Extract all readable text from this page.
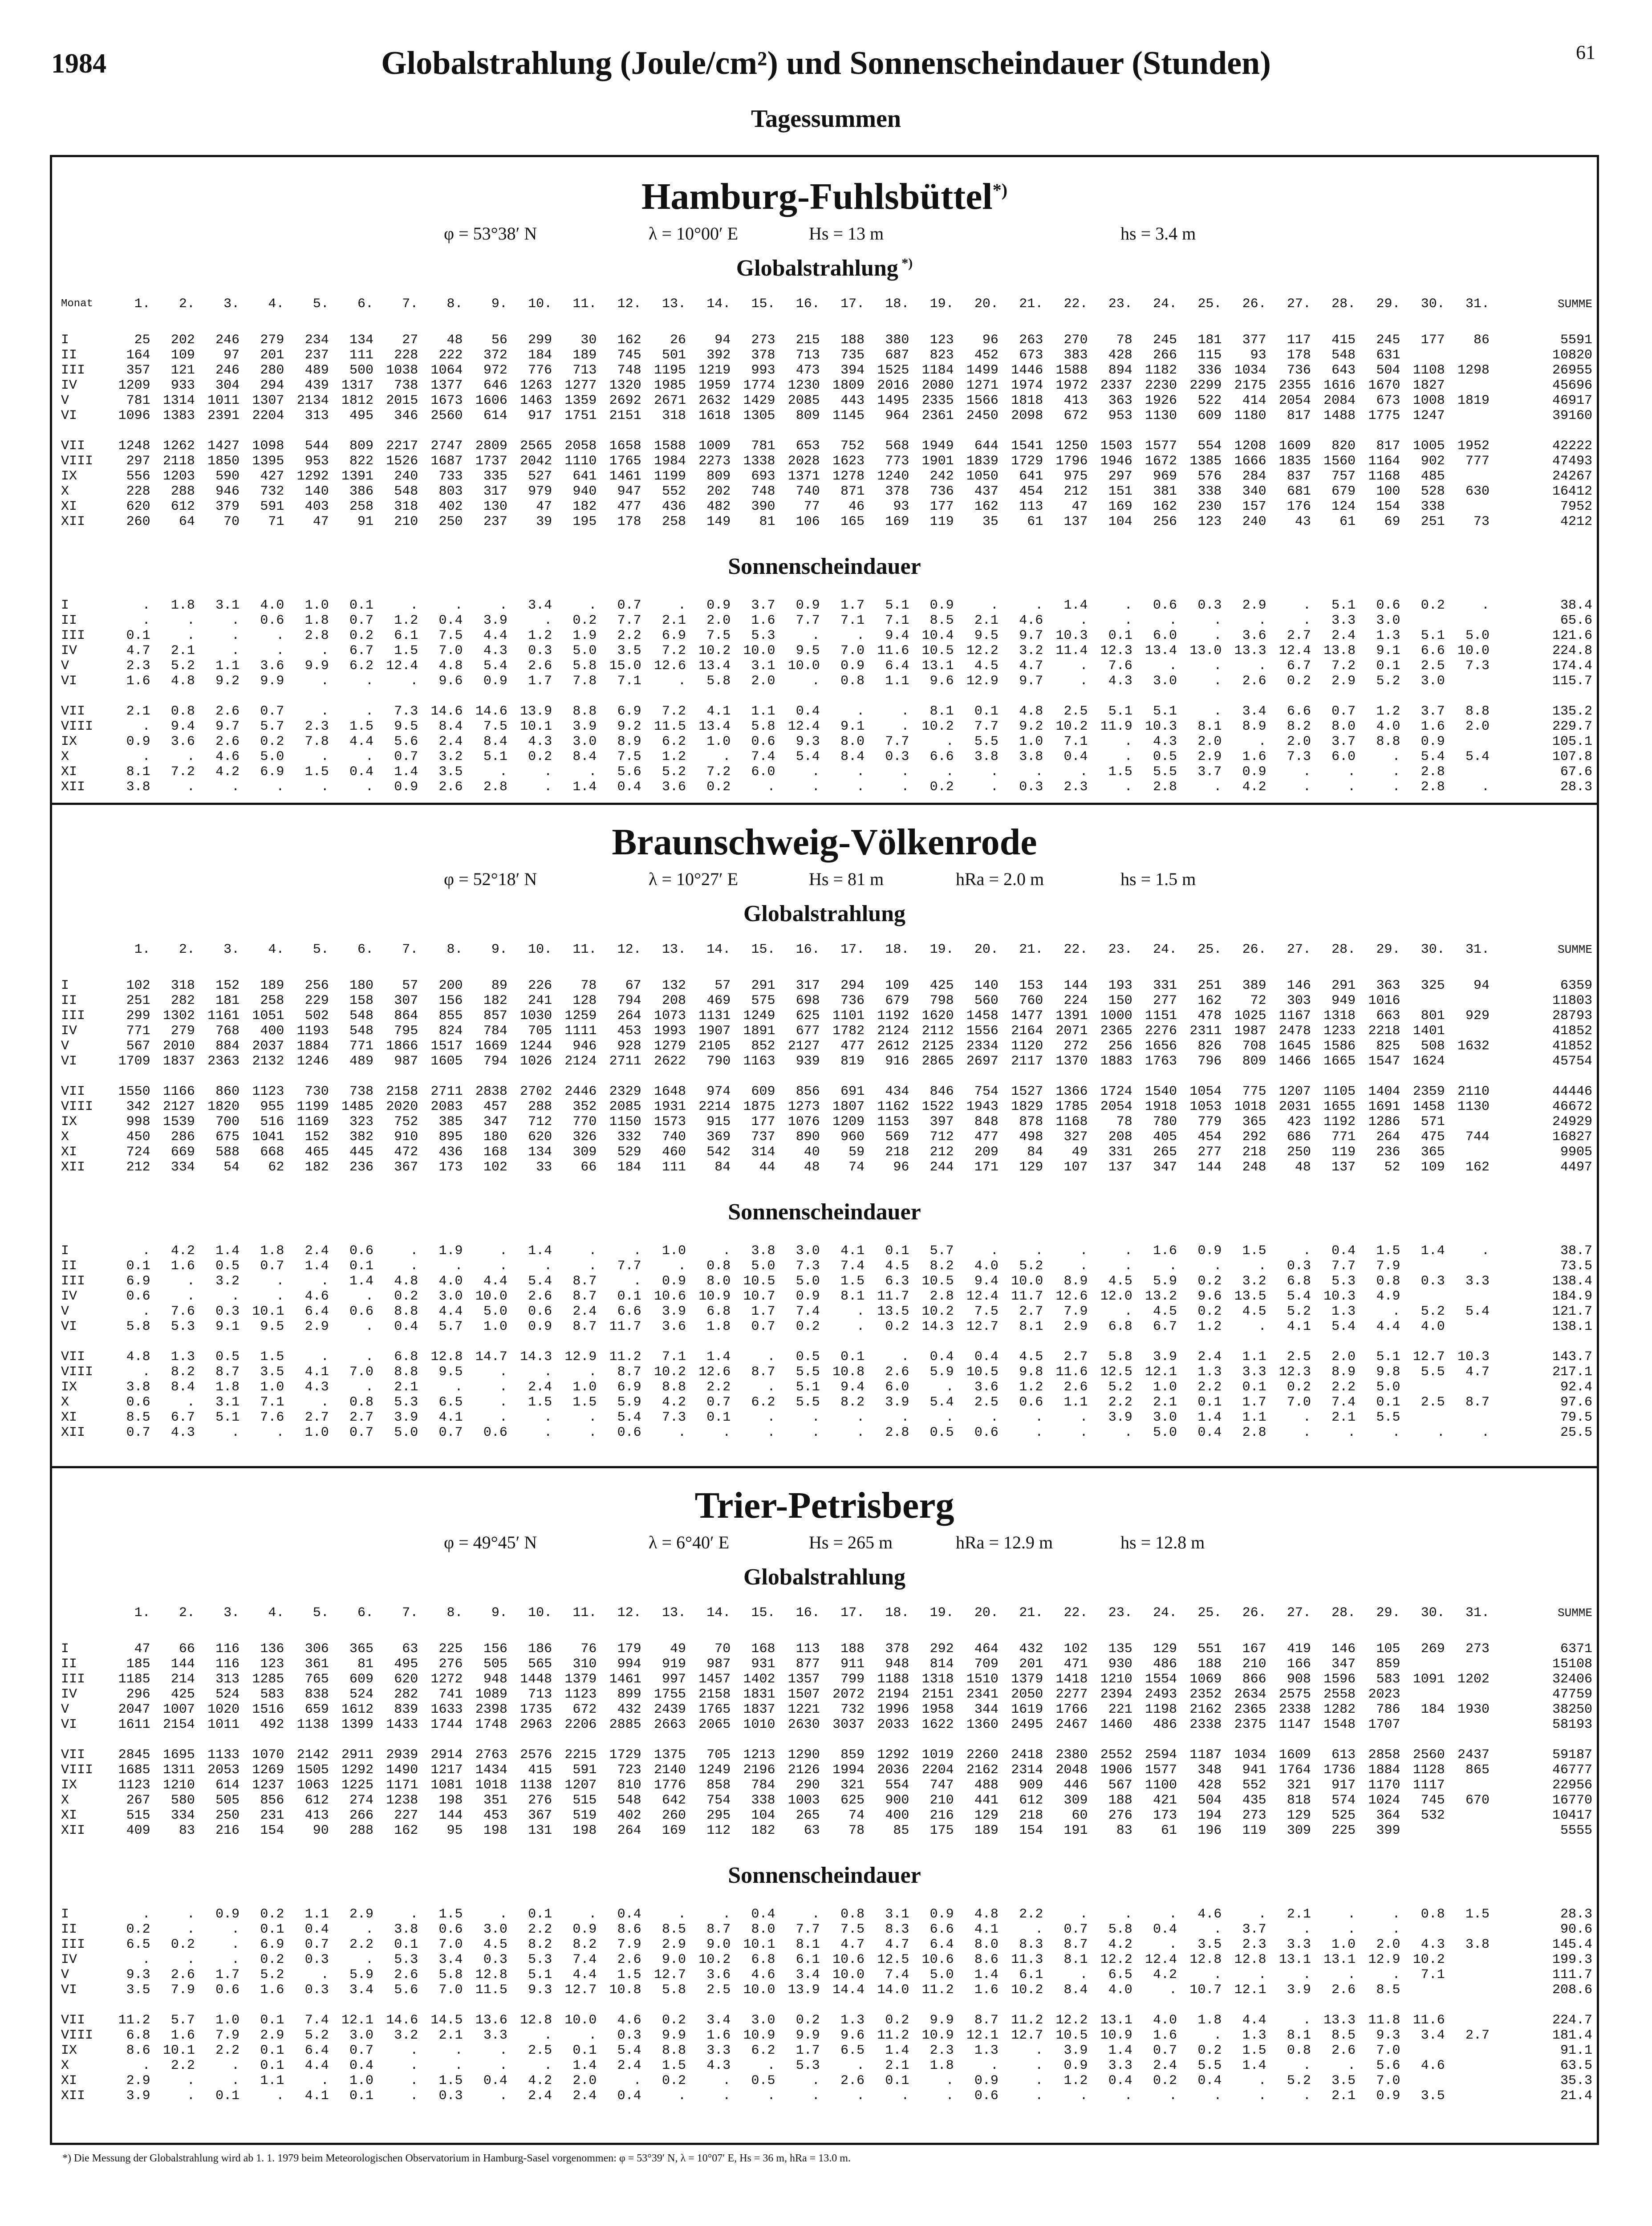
1984	Globalstrahlung (Joule/cm²) und Sonnenscheindauer (Stunden)	61
Tagessummen
Hamburg-Fuhlsbüttel*)
φ = 53°38′ N	λ = 10°00′ E	Hs = 13 m	hs = 3.4 m
Globalstrahlung *)
Monat	1.	2.	3.	4.	5.	6.	7.	8.	9.	10.	11.	12.	13.	14.	15.	16.	17.	18.	19.	20.	21.	22.	23.	24.	25.	26.	27.	28.	29.	30.	31.	SUMME

I	25	202	246	279	234	134	27	48	56	299	30	162	26	94	273	215	188	380	123	96	263	270	78	245	181	377	117	415	245	177	86	5591
II	164	109	97	201	237	111	228	222	372	184	189	745	501	392	378	713	735	687	823	452	673	383	428	266	115	93	178	548	631			10820
III	357	121	246	280	489	500	1038	1064	972	776	713	748	1195	1219	993	473	394	1525	1184	1499	1446	1588	894	1182	336	1034	736	643	504	1108	1298	26955
IV	1209	933	304	294	439	1317	738	1377	646	1263	1277	1320	1985	1959	1774	1230	1809	2016	2080	1271	1974	1972	2337	2230	2299	2175	2355	1616	1670	1827		45696
V	781	1314	1011	1307	2134	1812	2015	1673	1606	1463	1359	2692	2671	2632	1429	2085	443	1495	2335	1566	1818	413	363	1926	522	414	2054	2084	673	1008	1819	46917
VI	1096	1383	2391	2204	313	495	346	2560	614	917	1751	2151	318	1618	1305	809	1145	964	2361	2450	2098	672	953	1130	609	1180	817	1488	1775	1247		39160

VII	1248	1262	1427	1098	544	809	2217	2747	2809	2565	2058	1658	1588	1009	781	653	752	568	1949	644	1541	1250	1503	1577	554	1208	1609	820	817	1005	1952	42222
VIII	297	2118	1850	1395	953	822	1526	1687	1737	2042	1110	1765	1984	2273	1338	2028	1623	773	1901	1839	1729	1796	1946	1672	1385	1666	1835	1560	1164	902	777	47493
IX	556	1203	590	427	1292	1391	240	733	335	527	641	1461	1199	809	693	1371	1278	1240	242	1050	641	975	297	969	576	284	837	757	1168	485		24267
X	228	288	946	732	140	386	548	803	317	979	940	947	552	202	748	740	871	378	736	437	454	212	151	381	338	340	681	679	100	528	630	16412
XI	620	612	379	591	403	258	318	402	130	47	182	477	436	482	390	77	46	93	177	162	113	47	169	162	230	157	176	124	154	338		7952
XII	260	64	70	71	47	91	210	250	237	39	195	178	258	149	81	106	165	169	119	35	61	137	104	256	123	240	43	61	69	251	73	4212
Sonnenscheindauer
I	.	1.8	3.1	4.0	1.0	0.1	.	.	.	3.4	.	0.7	.	0.9	3.7	0.9	1.7	5.1	0.9	.	.	1.4	.	0.6	0.3	2.9	.	5.1	0.6	0.2	.	38.4
II	.	.	.	0.6	1.8	0.7	1.2	0.4	3.9	.	0.2	7.7	2.1	2.0	1.6	7.7	7.1	7.1	8.5	2.1	4.6	.	.	.	.	.	.	3.3	3.0			65.6
III	0.1	.	.	.	2.8	0.2	6.1	7.5	4.4	1.2	1.9	2.2	6.9	7.5	5.3	.	.	9.4	10.4	9.5	9.7	10.3	0.1	6.0	.	3.6	2.7	2.4	1.3	5.1	5.0	121.6
IV	4.7	2.1	.	.	.	6.7	1.5	7.0	4.3	0.3	5.0	3.5	7.2	10.2	10.0	9.5	7.0	11.6	10.5	12.2	3.2	11.4	12.3	13.4	13.0	13.3	12.4	13.8	9.1	6.6	10.0	224.8
V	2.3	5.2	1.1	3.6	9.9	6.2	12.4	4.8	5.4	2.6	5.8	15.0	12.6	13.4	3.1	10.0	0.9	6.4	13.1	4.5	4.7	.	7.6	.	.	.	6.7	7.2	0.1	2.5	7.3	174.4
VI	1.6	4.8	9.2	9.9	.	.	.	9.6	0.9	1.7	7.8	7.1	.	5.8	2.0	.	0.8	1.1	9.6	12.9	9.7	.	4.3	3.0	.	2.6	0.2	2.9	5.2	3.0		115.7

VII	2.1	0.8	2.6	0.7	.	.	7.3	14.6	14.6	13.9	8.8	6.9	7.2	4.1	1.1	0.4	.	.	8.1	0.1	4.8	2.5	5.1	5.1	.	3.4	6.6	0.7	1.2	3.7	8.8	135.2
VIII	.	9.4	9.7	5.7	2.3	1.5	9.5	8.4	7.5	10.1	3.9	9.2	11.5	13.4	5.8	12.4	9.1	.	10.2	7.7	9.2	10.2	11.9	10.3	8.1	8.9	8.2	8.0	4.0	1.6	2.0	229.7
IX	0.9	3.6	2.6	0.2	7.8	4.4	5.6	2.4	8.4	4.3	3.0	8.9	6.2	1.0	0.6	9.3	8.0	7.7	.	5.5	1.0	7.1	.	4.3	2.0	.	2.0	3.7	8.8	0.9		105.1
X	.	.	4.6	5.0	.	.	0.7	3.2	5.1	0.2	8.4	7.5	1.2	.	7.4	5.4	8.4	0.3	6.6	3.8	3.8	0.4	.	0.5	2.9	1.6	7.3	6.0	.	5.4	5.4	107.8
XI	8.1	7.2	4.2	6.9	1.5	0.4	1.4	3.5	.	.	.	5.6	5.2	7.2	6.0	.	.	.	.	.	.	.	1.5	5.5	3.7	0.9	.	.	.	2.8		67.6
XII	3.8	.	.	.	.	.	0.9	2.6	2.8	.	1.4	0.4	3.6	0.2	.	.	.	.	0.2	.	0.3	2.3	.	2.8	.	4.2	.	.	.	2.8	.	28.3
Braunschweig-Völkenrode
φ = 52°18′ N	λ = 10°27′ E	Hs = 81 m	hRa = 2.0 m	hs = 1.5 m
Globalstrahlung
	1.	2.	3.	4.	5.	6.	7.	8.	9.	10.	11.	12.	13.	14.	15.	16.	17.	18.	19.	20.	21.	22.	23.	24.	25.	26.	27.	28.	29.	30.	31.	SUMME

I	102	318	152	189	256	180	57	200	89	226	78	67	132	57	291	317	294	109	425	140	153	144	193	331	251	389	146	291	363	325	94	6359
II	251	282	181	258	229	158	307	156	182	241	128	794	208	469	575	698	736	679	798	560	760	224	150	277	162	72	303	949	1016			11803
III	299	1302	1161	1051	502	548	864	855	857	1030	1259	264	1073	1131	1249	625	1101	1192	1620	1458	1477	1391	1000	1151	478	1025	1167	1318	663	801	929	28793
IV	771	279	768	400	1193	548	795	824	784	705	1111	453	1993	1907	1891	677	1782	2124	2112	1556	2164	2071	2365	2276	2311	1987	2478	1233	2218	1401		41852
V	567	2010	884	2037	1884	771	1866	1517	1669	1244	946	928	1279	2105	852	2127	477	2612	2125	2334	1120	272	256	1656	826	708	1645	1586	825	508	1632	41852
VI	1709	1837	2363	2132	1246	489	987	1605	794	1026	2124	2711	2622	790	1163	939	819	916	2865	2697	2117	1370	1883	1763	796	809	1466	1665	1547	1624		45754

VII	1550	1166	860	1123	730	738	2158	2711	2838	2702	2446	2329	1648	974	609	856	691	434	846	754	1527	1366	1724	1540	1054	775	1207	1105	1404	2359	2110	44446
VIII	342	2127	1820	955	1199	1485	2020	2083	457	288	352	2085	1931	2214	1875	1273	1807	1162	1522	1943	1829	1785	2054	1918	1053	1018	2031	1655	1691	1458	1130	46672
IX	998	1539	700	516	1169	323	752	385	347	712	770	1150	1573	915	177	1076	1209	1153	397	848	878	1168	78	780	779	365	423	1192	1286	571		24929
X	450	286	675	1041	152	382	910	895	180	620	326	332	740	369	737	890	960	569	712	477	498	327	208	405	454	292	686	771	264	475	744	16827
XI	724	669	588	668	465	445	472	436	168	134	309	529	460	542	314	40	59	218	212	209	84	49	331	265	277	218	250	119	236	365		9905
XII	212	334	54	62	182	236	367	173	102	33	66	184	111	84	44	48	74	96	244	171	129	107	137	347	144	248	48	137	52	109	162	4497
Sonnenscheindauer
I	.	4.2	1.4	1.8	2.4	0.6	.	1.9	.	1.4	.	.	1.0	.	3.8	3.0	4.1	0.1	5.7	.	.	.	.	1.6	0.9	1.5	.	0.4	1.5	1.4	.	38.7
II	0.1	1.6	0.5	0.7	1.4	0.1	.	.	.	.	.	7.7	.	0.8	5.0	7.3	7.4	4.5	8.2	4.0	5.2	.	.	.	.	.	0.3	7.7	7.9			73.5
III	6.9	.	3.2	.	.	1.4	4.8	4.0	4.4	5.4	8.7	.	0.9	8.0	10.5	5.0	1.5	6.3	10.5	9.4	10.0	8.9	4.5	5.9	0.2	3.2	6.8	5.3	0.8	0.3	3.3	138.4
IV	0.6	.	.	.	4.6	.	0.2	3.0	10.0	2.6	8.7	0.1	10.6	10.9	10.7	0.9	8.1	11.7	2.8	12.4	11.7	12.6	12.0	13.2	9.6	13.5	5.4	10.3	4.9			184.9
V	.	7.6	0.3	10.1	6.4	0.6	8.8	4.4	5.0	0.6	2.4	6.6	3.9	6.8	1.7	7.4	.	13.5	10.2	7.5	2.7	7.9	.	4.5	0.2	4.5	5.2	1.3	.	5.2	5.4	121.7
VI	5.8	5.3	9.1	9.5	2.9	.	0.4	5.7	1.0	0.9	8.7	11.7	3.6	1.8	0.7	0.2	.	0.2	14.3	12.7	8.1	2.9	6.8	6.7	1.2	.	4.1	5.4	4.4	4.0		138.1

VII	4.8	1.3	0.5	1.5	.	.	6.8	12.8	14.7	14.3	12.9	11.2	7.1	1.4	.	0.5	0.1	.	0.4	0.4	4.5	2.7	5.8	3.9	2.4	1.1	2.5	2.0	5.1	12.7	10.3	143.7
VIII	.	8.2	8.7	3.5	4.1	7.0	8.8	9.5	.	.	.	8.7	10.2	12.6	8.7	5.5	10.8	2.6	5.9	10.5	9.8	11.6	12.5	12.1	1.3	3.3	12.3	8.9	9.8	5.5	4.7	217.1
IX	3.8	8.4	1.8	1.0	4.3	.	2.1	.	.	2.4	1.0	6.9	8.8	2.2	.	5.1	9.4	6.0	.	3.6	1.2	2.6	5.2	1.0	2.2	0.1	0.2	2.2	5.0			92.4
X	0.6	.	3.1	7.1	.	0.8	5.3	6.5	.	1.5	1.5	5.9	4.2	0.7	6.2	5.5	8.2	3.9	5.4	2.5	0.6	1.1	2.2	2.1	0.1	1.7	7.0	7.4	0.1	2.5	8.7	97.6
XI	8.5	6.7	5.1	7.6	2.7	2.7	3.9	4.1	.	.	.	5.4	7.3	0.1	.	.	.	.	.	.	.	.	3.9	3.0	1.4	1.1	.	2.1	5.5			79.5
XII	0.7	4.3	.	.	1.0	0.7	5.0	0.7	0.6	.	.	0.6	.	.	.	.	.	2.8	0.5	0.6	.	.	.	5.0	0.4	2.8	.	.	.	.	.	25.5
Trier-Petrisberg
φ = 49°45′ N	λ = 6°40′ E	Hs = 265 m	hRa = 12.9 m	hs = 12.8 m
Globalstrahlung
	1.	2.	3.	4.	5.	6.	7.	8.	9.	10.	11.	12.	13.	14.	15.	16.	17.	18.	19.	20.	21.	22.	23.	24.	25.	26.	27.	28.	29.	30.	31.	SUMME

I	47	66	116	136	306	365	63	225	156	186	76	179	49	70	168	113	188	378	292	464	432	102	135	129	551	167	419	146	105	269	273	6371
II	185	144	116	123	361	81	495	276	505	565	310	994	919	987	931	877	911	948	814	709	201	471	930	486	188	210	166	347	859			15108
III	1185	214	313	1285	765	609	620	1272	948	1448	1379	1461	997	1457	1402	1357	799	1188	1318	1510	1379	1418	1210	1554	1069	866	908	1596	583	1091	1202	32406
IV	296	425	524	583	838	524	282	741	1089	713	1123	899	1755	2158	1831	1507	2072	2194	2151	2341	2050	2277	2394	2493	2352	2634	2575	2558	2023			47759
V	2047	1007	1020	1516	659	1612	839	1633	2398	1735	672	432	2439	1765	1837	1221	732	1996	1958	344	1619	1766	221	1198	2162	2365	2338	1282	786	184	1930	38250
VI	1611	2154	1011	492	1138	1399	1433	1744	1748	2963	2206	2885	2663	2065	1010	2630	3037	2033	1622	1360	2495	2467	1460	486	2338	2375	1147	1548	1707			58193

VII	2845	1695	1133	1070	2142	2911	2939	2914	2763	2576	2215	1729	1375	705	1213	1290	859	1292	1019	2260	2418	2380	2552	2594	1187	1034	1609	613	2858	2560	2437	59187
VIII	1685	1311	2053	1269	1505	1292	1490	1217	1434	415	591	723	2140	1249	2196	2126	1994	2036	2204	2162	2314	2048	1906	1577	348	941	1764	1736	1884	1128	865	46777
IX	1123	1210	614	1237	1063	1225	1171	1081	1018	1138	1207	810	1776	858	784	290	321	554	747	488	909	446	567	1100	428	552	321	917	1170	1117		22956
X	267	580	505	856	612	274	1238	198	351	276	515	548	642	754	338	1003	625	900	210	441	612	309	188	421	504	435	818	574	1024	745	670	16770
XI	515	334	250	231	413	266	227	144	453	367	519	402	260	295	104	265	74	400	216	129	218	60	276	173	194	273	129	525	364	532		10417
XII	409	83	216	154	90	288	162	95	198	131	198	264	169	112	182	63	78	85	175	189	154	191	83	61	196	119	309	225	399			5555
Sonnenscheindauer
I	.	.	0.9	0.2	1.1	2.9	.	1.5	.	0.1	.	0.4	.	.	0.4	.	0.8	3.1	0.9	4.8	2.2	.	.	.	4.6	.	2.1	.	.	0.8	1.5	28.3
II	0.2	.	.	0.1	0.4	.	3.8	0.6	3.0	2.2	0.9	8.6	8.5	8.7	8.0	7.7	7.5	8.3	6.6	4.1	.	0.7	5.8	0.4	.	3.7	.	.	.			90.6
III	6.5	0.2	.	6.9	0.7	2.2	0.1	7.0	4.5	8.2	8.2	7.9	2.9	9.0	10.1	8.1	4.7	4.7	6.4	8.0	8.3	8.7	4.2	.	3.5	2.3	3.3	1.0	2.0	4.3	3.8	145.4
IV	.	.	.	0.2	0.3	.	5.3	3.4	0.3	5.3	7.4	2.6	9.0	10.2	6.8	6.1	10.6	12.5	10.6	8.6	11.3	8.1	12.2	12.4	12.8	12.8	13.1	13.1	12.9	10.2		199.3
V	9.3	2.6	1.7	5.2	.	5.9	2.6	5.8	12.8	5.1	4.4	1.5	12.7	3.6	4.6	3.4	10.0	7.4	5.0	1.4	6.1	.	6.5	4.2	.	.	.	.	.	7.1		111.7
VI	3.5	7.9	0.6	1.6	0.3	3.4	5.6	7.0	11.5	9.3	12.7	10.8	5.8	2.5	10.0	13.9	14.4	14.0	11.2	1.6	10.2	8.4	4.0	.	10.7	12.1	3.9	2.6	8.5			208.6

VII	11.2	5.7	1.0	0.1	7.4	12.1	14.6	14.5	13.6	12.8	10.0	4.6	0.2	3.4	3.0	0.2	1.3	0.2	9.9	8.7	11.2	12.2	13.1	4.0	1.8	4.4	.	13.3	11.8	11.6		224.7
VIII	6.8	1.6	7.9	2.9	5.2	3.0	3.2	2.1	3.3	.	.	0.3	9.9	1.6	10.9	9.9	9.6	11.2	10.9	12.1	12.7	10.5	10.9	1.6	.	1.3	8.1	8.5	9.3	3.4	2.7	181.4
IX	8.6	10.1	2.2	0.1	6.4	0.7	.	.	.	2.5	0.1	5.4	8.8	3.3	6.2	1.7	6.5	1.4	2.3	1.3	.	3.9	1.4	0.7	0.2	1.5	0.8	2.6	7.0			91.1
X	.	2.2	.	0.1	4.4	0.4	.	.	.	.	1.4	2.4	1.5	4.3	.	5.3	.	2.1	1.8	.	.	0.9	3.3	2.4	5.5	1.4	.	.	5.6	4.6		63.5
XI	2.9	.	.	1.1	.	1.0	.	1.5	0.4	4.2	2.0	.	0.2	.	0.5	.	2.6	0.1	.	0.9	.	1.2	0.4	0.2	0.4	.	5.2	3.5	7.0			35.3
XII	3.9	.	0.1	.	4.1	0.1	.	0.3	.	2.4	2.4	0.4	.	.	.	.	.	.	.	0.6	.	.	.	.	.	.	.	2.1	0.9	3.5		21.4
*) Die Messung der Globalstrahlung wird ab 1. 1. 1979 beim Meteorologischen Observatorium in Hamburg-Sasel vorgenommen: φ = 53°39′ N, λ = 10°07′ E, Hs = 36 m, hRa = 13.0 m.
